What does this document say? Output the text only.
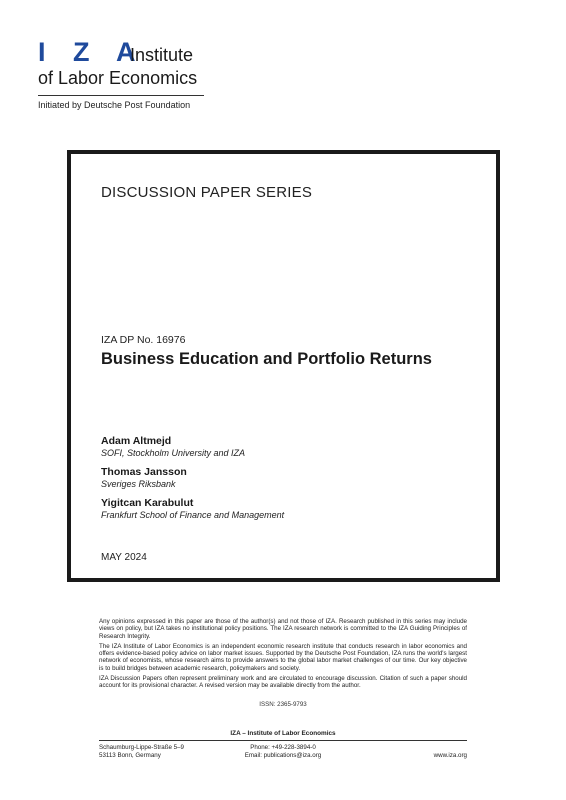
I Z A
Institute
of Labor Economics
Initiated by Deutsche Post Foundation
DISCUSSION PAPER SERIES
IZA DP No. 16976
Business Education and Portfolio Returns
Adam Altmejd
SOFI, Stockholm University and IZA
Thomas Jansson
Sveriges Riksbank
Yigitcan Karabulut
Frankfurt School of Finance and Management
MAY 2024

Any opinions expressed in this paper are those of the author(s) and not those of IZA. Research published in this series may include views on policy, but IZA takes no institutional policy positions. The IZA research network is committed to the IZA Guiding Principles of Research Integrity.

The IZA Institute of Labor Economics is an independent economic research institute that conducts research in labor economics and offers evidence-based policy advice on labor market issues. Supported by the Deutsche Post Foundation, IZA runs the world's largest network of economists, whose research aims to provide answers to the global labor market challenges of our time. Our key objective is to build bridges between academic research, policymakers and society.

IZA Discussion Papers often represent preliminary work and are circulated to encourage discussion. Citation of such a paper should account for its provisional character. A revised version may be available directly from the author.

ISSN: 2365-9793
IZA – Institute of Labor Economics
Schaumburg-Lippe-Straße 5–9
53113 Bonn, Germany
Phone: +49-228-3894-0
Email: publications@iza.org	www.iza.org
